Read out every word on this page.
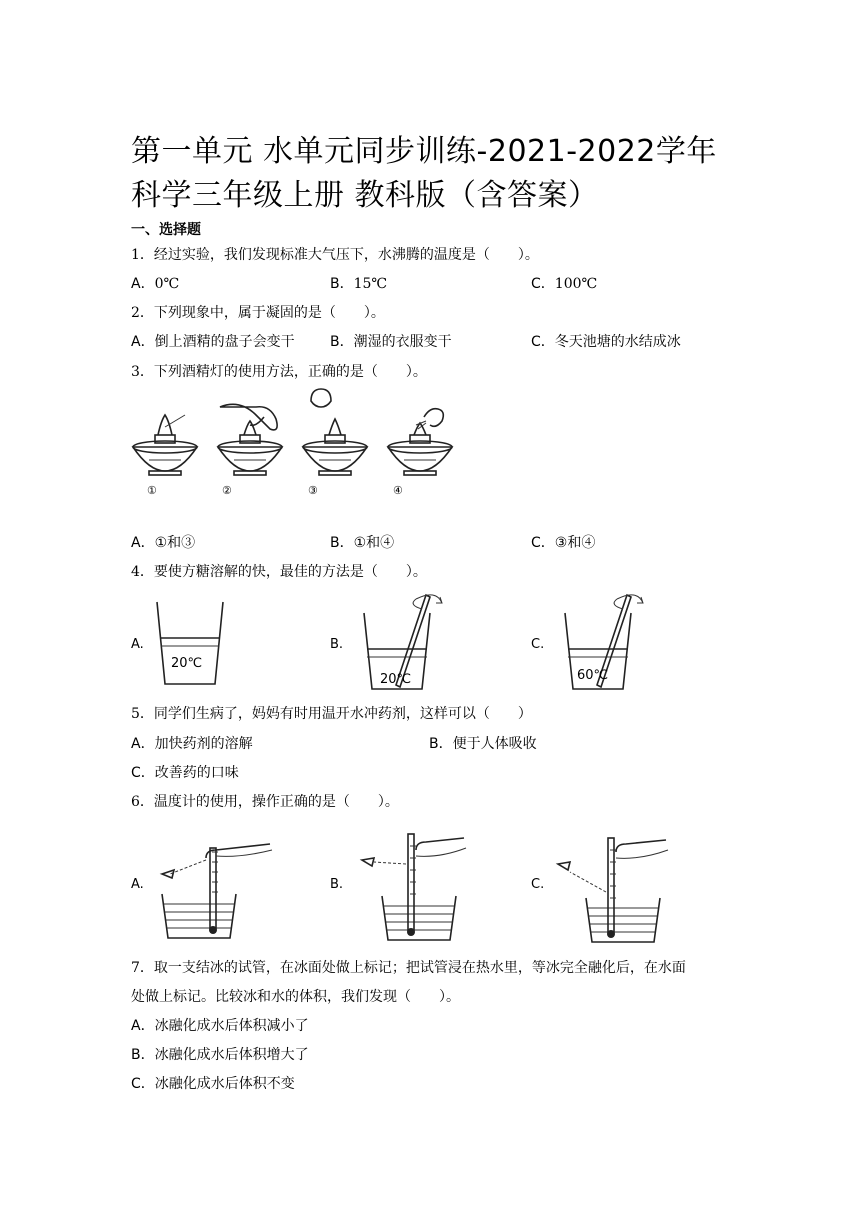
第一单元 水单元同步训练-2021-2022学年科学三年级上册 教科版（含答案）
一、选择题
1．经过实验，我们发现标准大气压下，水沸腾的温度是（　　）。
A．0℃	B．15℃	C．100℃
2．下列现象中，属于凝固的是（　　）。
A．倒上酒精的盘子会变干	B．潮湿的衣服变干	C．冬天池塘的水结成冰
3．下列酒精灯的使用方法，正确的是（　　）。
①	②	③	④
A．①和③	B．①和④	C．③和④
4．要使方糖溶解的快，最佳的方法是（　　）。
A.
20℃
B.
20℃
C.
60℃
5．同学们生病了，妈妈有时用温开水冲药剂，这样可以（　　）
A．加快药剂的溶解	B．便于人体吸收
C．改善药的口味
6．温度计的使用，操作正确的是（　　）。
A.	B.	C.
7．取一支结冰的试管，在冰面处做上标记；把试管浸在热水里，等冰完全融化后，在水面
处做上标记。比较冰和水的体积，我们发现（　　）。
A．冰融化成水后体积减小了
B．冰融化成水后体积增大了
C．冰融化成水后体积不变
